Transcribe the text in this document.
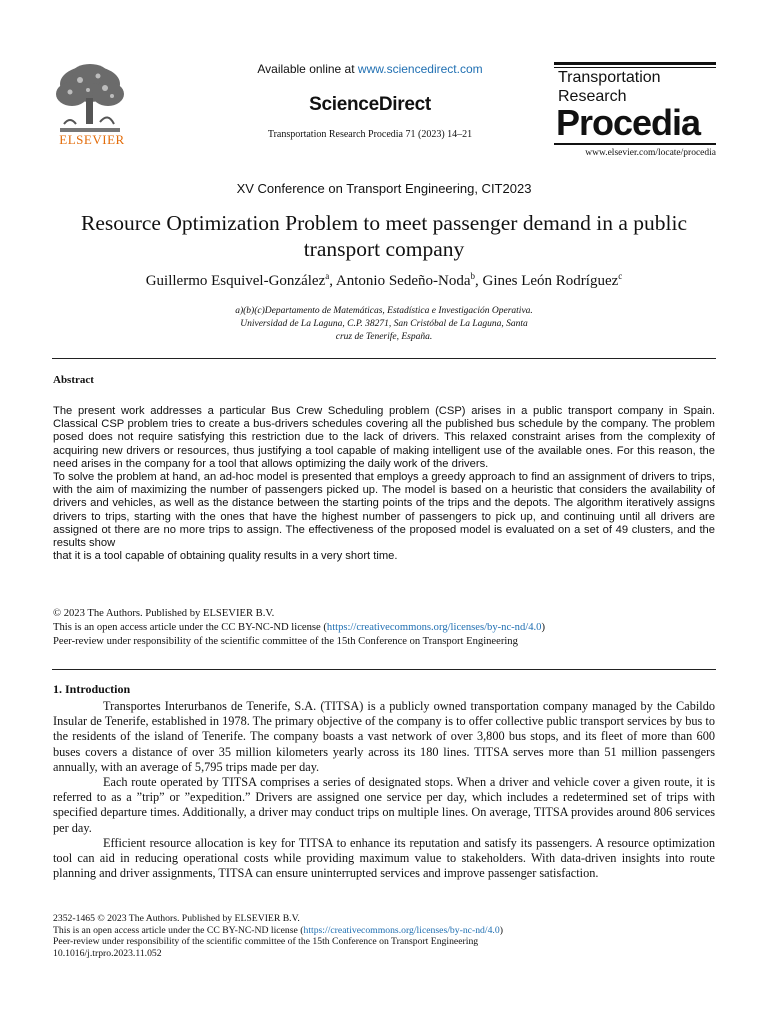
ELSEVIER
Available online at www.sciencedirect.com
ScienceDirect
Transportation Research Procedia 71 (2023) 14–21
Transportation
Research
Procedia
www.elsevier.com/locate/procedia
XV Conference on Transport Engineering, CIT2023
Resource Optimization Problem to meet passenger demand in a public transport company
Guillermo Esquivel-González$^a$, Antonio Sedeño-Noda$^b$, Gines León Rodríguez$^c$
a)(b)(c)Departamento de Matemáticas, Estadística e Investigación Operativa.
Universidad de La Laguna, C.P. 38271, San Cristóbal de La Laguna, Santa
cruz de Tenerife, España.
Abstract

The present work addresses a particular Bus Crew Scheduling problem (CSP) arises in a public transport company in Spain. Classical CSP problem tries to create a bus-drivers schedules covering all the published bus schedule by the company. The problem posed does not require satisfying this restriction due to the lack of drivers. This relaxed constraint arises from the complexity of acquiring new drivers or resources, thus justifying a tool capable of making intelligent use of the available ones. For this reason, the need arises in the company for a tool that allows optimizing the daily work of the drivers.

To solve the problem at hand, an ad-hoc model is presented that employs a greedy approach to find an assignment of drivers to trips, with the aim of maximizing the number of passengers picked up. The model is based on a heuristic that considers the availability of drivers and vehicles, as well as the distance between the starting points of the trips and the depots. The algorithm iteratively assigns drivers to trips, starting with the ones that have the highest number of passengers to pick up, and continuing until all drivers are assigned ot there are no more trips to assign. The effectiveness of the proposed model is evaluated on a set of 49 clusters, and the results show

that it is a tool capable of obtaining quality results in a very short time.

© 2023 The Authors. Published by ELSEVIER B.V.
This is an open access article under the CC BY-NC-ND license (https://creativecommons.org/licenses/by-nc-nd/4.0)
Peer-review under responsibility of the scientific committee of the 15th Conference on Transport Engineering
1. Introduction

Transportes Interurbanos de Tenerife, S.A. (TITSA) is a publicly owned transportation company managed by the Cabildo Insular de Tenerife, established in 1978. The primary objective of the company is to offer collective public transport services by bus to the residents of the island of Tenerife. The company boasts a vast network of over 3,800 bus stops, and its fleet of more than 600 buses covers a distance of over 35 million kilometers yearly across its 180 lines. TITSA serves more than 51 million passengers annually, with an average of 5,795 trips made per day.

Each route operated by TITSA comprises a series of designated stops. When a driver and vehicle cover a given route, it is referred to as a ”trip” or ”expedition.” Drivers are assigned one service per day, which includes a redetermined set of trips with specified departure times. Additionally, a driver may conduct trips on multiple lines. On average, TITSA provides around 806 services per day.

Efficient resource allocation is key for TITSA to enhance its reputation and satisfy its passengers. A resource optimization tool can aid in reducing operational costs while providing maximum value to stakeholders. With data-driven insights into route planning and driver assignments, TITSA can ensure uninterrupted services and improve passenger satisfaction.

2352-1465 © 2023 The Authors. Published by ELSEVIER B.V.
This is an open access article under the CC BY-NC-ND license (https://creativecommons.org/licenses/by-nc-nd/4.0)
Peer-review under responsibility of the scientific committee of the 15th Conference on Transport Engineering
10.1016/j.trpro.2023.11.052
